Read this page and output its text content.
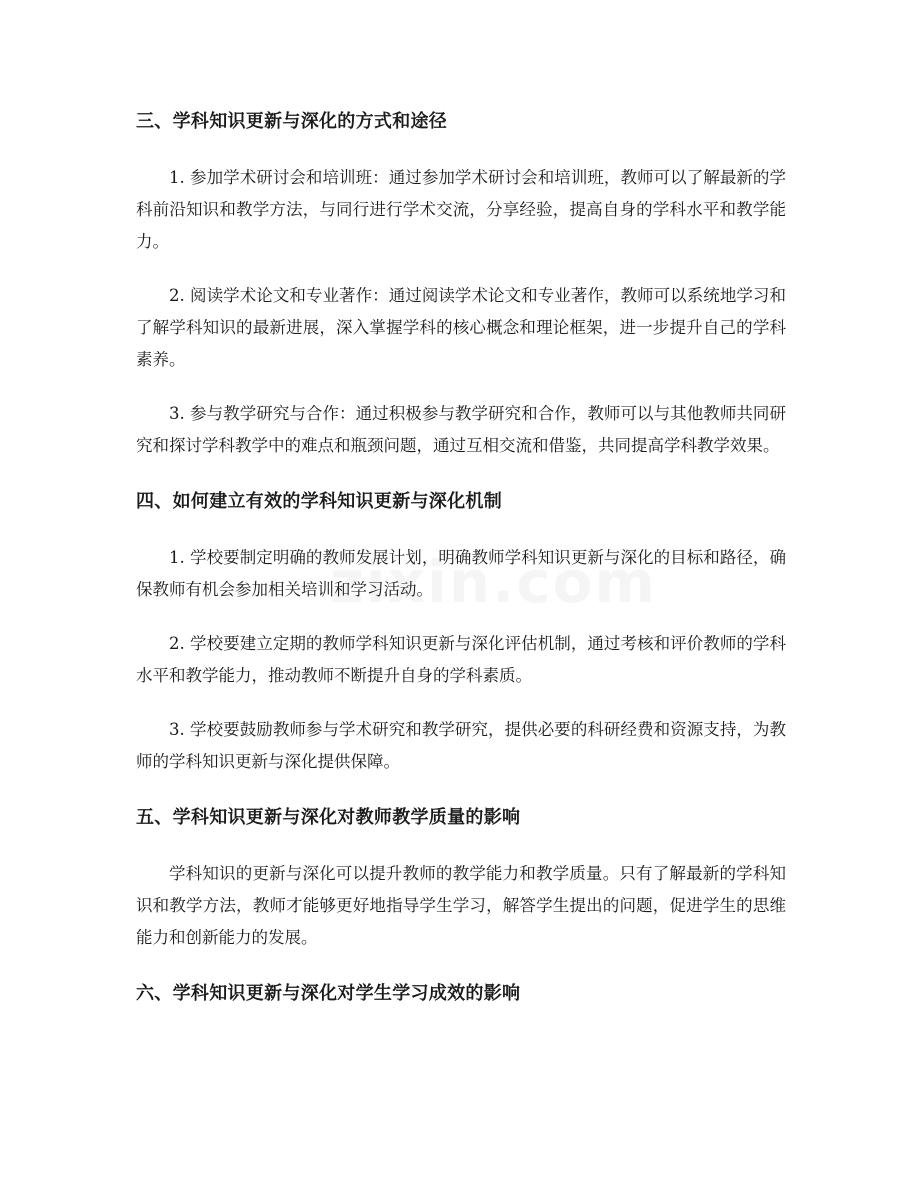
三、学科知识更新与深化的方式和途径

1. 参加学术研讨会和培训班：通过参加学术研讨会和培训班，教师可以了解最新的学科前沿知识和教学方法，与同行进行学术交流，分享经验，提高自身的学科水平和教学能力。

2. 阅读学术论文和专业著作：通过阅读学术论文和专业著作，教师可以系统地学习和了解学科知识的最新进展，深入掌握学科的核心概念和理论框架，进一步提升自己的学科素养。

3. 参与教学研究与合作：通过积极参与教学研究和合作，教师可以与其他教师共同研究和探讨学科教学中的难点和瓶颈问题，通过互相交流和借鉴，共同提高学科教学效果。

四、如何建立有效的学科知识更新与深化机制

1. 学校要制定明确的教师发展计划，明确教师学科知识更新与深化的目标和路径，确保教师有机会参加相关培训和学习活动。

2. 学校要建立定期的教师学科知识更新与深化评估机制，通过考核和评价教师的学科水平和教学能力，推动教师不断提升自身的学科素质。

3. 学校要鼓励教师参与学术研究和教学研究，提供必要的科研经费和资源支持，为教师的学科知识更新与深化提供保障。

五、学科知识更新与深化对教师教学质量的影响

学科知识的更新与深化可以提升教师的教学能力和教学质量。只有了解最新的学科知识和教学方法，教师才能够更好地指导学生学习，解答学生提出的问题，促进学生的思维能力和创新能力的发展。

六、学科知识更新与深化对学生学习成效的影响
